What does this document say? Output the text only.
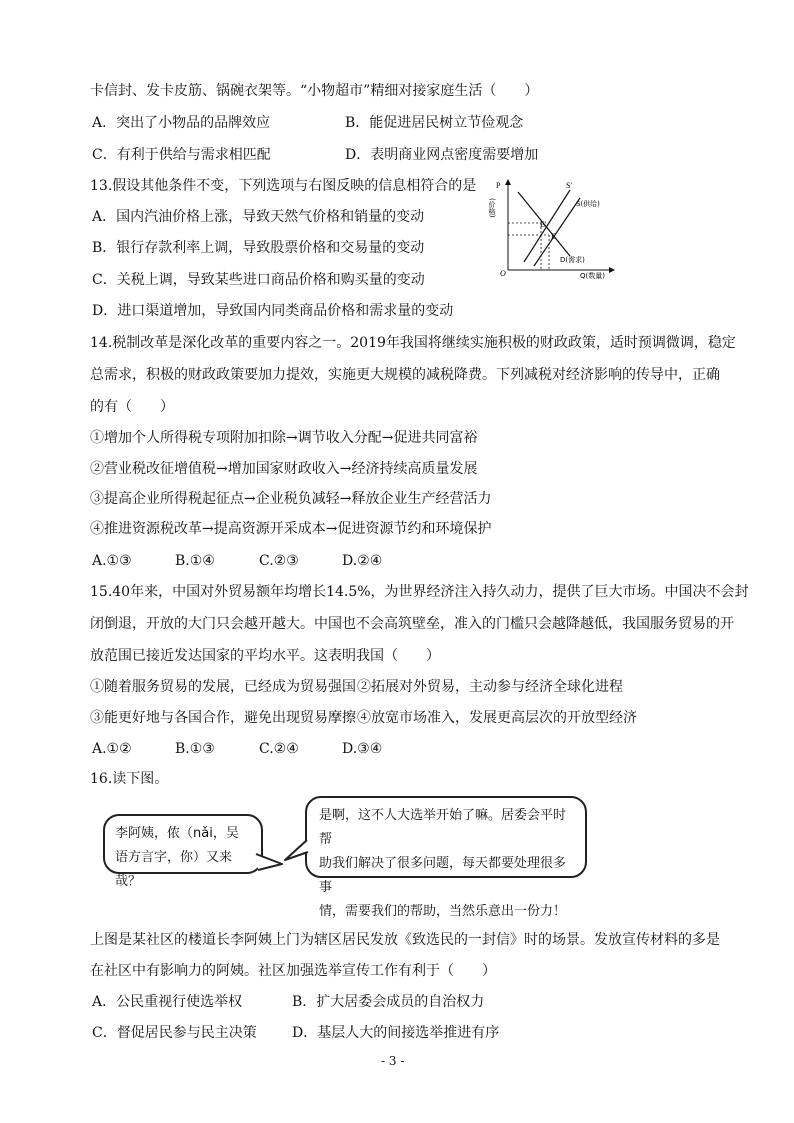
卡信封、发卡皮筋、锅碗衣架等。“小物超市”精细对接家庭生活（　　）
A．突出了小物品的品牌效应	B．能促进居民树立节俭观念
C．有利于供给与需求相匹配	D．表明商业网点密度需要增加
13.假设其他条件不变，下列选项与右图反映的信息相符合的是
A．国内汽油价格上涨，导致天然气价格和销量的变动
B．银行存款利率上调，导致股票价格和交易量的变动
C．关税上调，导致某些进口商品价格和购买量的变动
D．进口渠道增加，导致国内同类商品价格和需求量的变动
P
(价格)
O	Q(数量)
S′
S(供给)
D(需求)
E′
E
14.税制改革是深化改革的重要内容之一。2019年我国将继续实施积极的财政政策，适时预调微调，稳定
总需求，积极的财政政策要加力提效，实施更大规模的减税降费。下列减税对经济影响的传导中，正确
的有（　　）
①增加个人所得税专项附加扣除→调节收入分配→促进共同富裕
②营业税改征增值税→增加国家财政收入→经济持续高质量发展
③提高企业所得税起征点→企业税负减轻→释放企业生产经营活力
④推进资源税改革→提高资源开采成本→促进资源节约和环境保护
A.①③	B.①④	C.②③	D.②④
15.40年来，中国对外贸易额年均增长14.5%，为世界经济注入持久动力，提供了巨大市场。中国决不会封
闭倒退，开放的大门只会越开越大。中国也不会高筑壁垒，准入的门槛只会越降越低，我国服务贸易的开
放范围已接近发达国家的平均水平。这表明我国（　　）
①随着服务贸易的发展，已经成为贸易强国 ②拓展对外贸易，主动参与经济全球化进程
③能更好地与各国合作，避免出现贸易摩擦 ④放宽市场准入，发展更高层次的开放型经济
A.①②	B.①③	C.②④	D.③④
16.读下图。
李阿姨，侬（nǎi，吴
语方言字，你）又来哉？
是啊，这不人大选举开始了嘛。居委会平时帮
助我们解决了很多问题，每天都要处理很多事
情，需要我们的帮助，当然乐意出一份力！
上图是某社区的楼道长李阿姨上门为辖区居民发放《致选民的一封信》时的场景。发放宣传材料的多是
在社区中有影响力的阿姨。社区加强选举宣传工作有利于（　　）
A．公民重视行使选举权	B．扩大居委会成员的自治权力
C．督促居民参与民主决策	D．基层人大的间接选举推进有序
- 3 -
